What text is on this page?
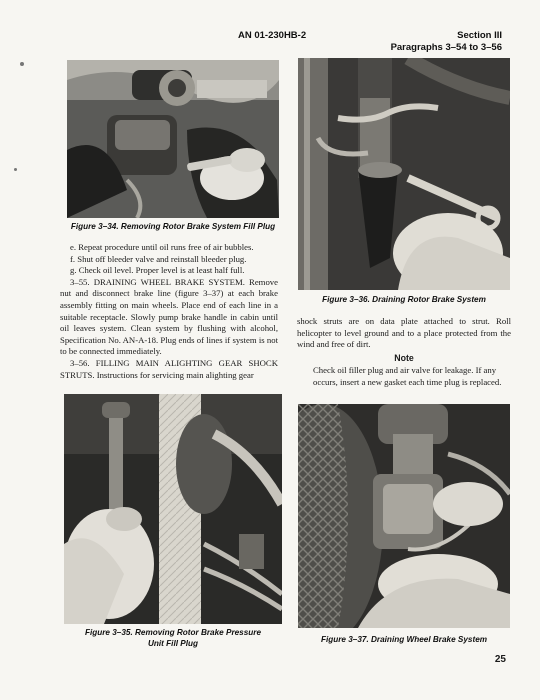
AN 01-230HB-2	Section III
Paragraphs 3–54 to 3–56
Figure 3–34. Removing Rotor Brake System Fill Plug

e. Repeat procedure until oil runs free of air bubbles.

f. Shut off bleeder valve and reinstall bleeder plug.

g. Check oil level. Proper level is at least half full.

3–55. DRAINING WHEEL BRAKE SYSTEM. Remove nut and disconnect brake line (figure 3–37) at each brake assembly fitting on main wheels. Place end of each line in a suitable receptacle. Slowly pump brake handle in cabin until oil leaves system. Clean system by flushing with alcohol, Specification No. AN-A-18. Plug ends of lines if system is not to be connected immediately.

3–56. FILLING MAIN ALIGHTING GEAR SHOCK STRUTS. Instructions for servicing main alighting gear

Figure 3–35. Removing Rotor Brake Pressure
Unit Fill Plug
Figure 3–36. Draining Rotor Brake System
shock struts are on data plate attached to strut. Roll helicopter to level ground and to a place protected from the wind and free of dirt.
Note
Check oil filler plug and air valve for leakage. If any occurs, insert a new gasket each time plug is replaced.
Figure 3–37. Draining Wheel Brake System
25
